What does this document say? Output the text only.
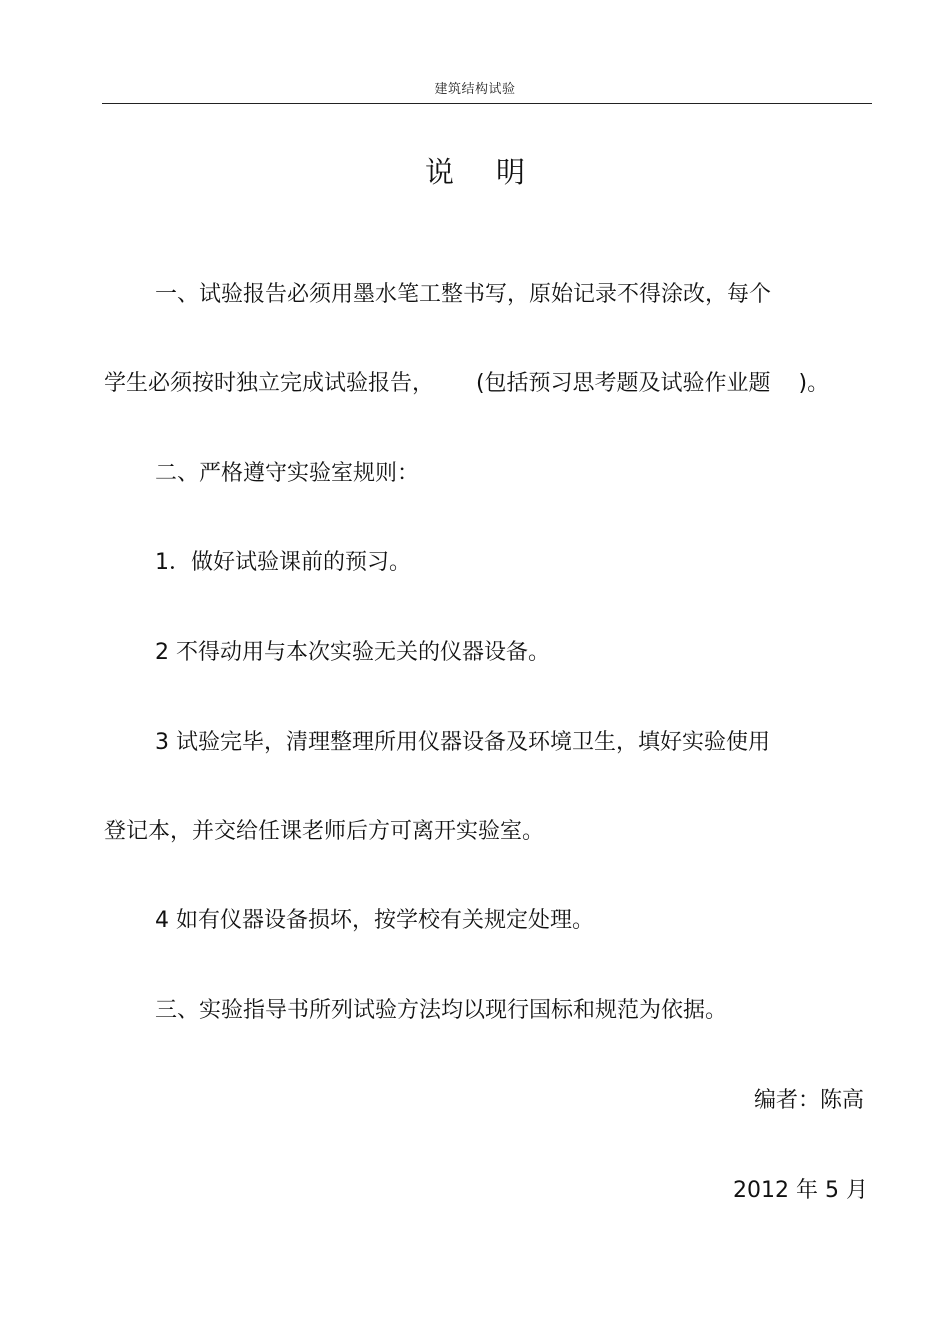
建筑结构试验
说明
一、试验报告必须用墨水笔工整书写，原始记录不得涂改，每个
学生必须按时独立完成试验报告，      (包括预习思考题及试验作业题    )。
二、严格遵守实验室规则：
1．做好试验课前的预习。
2 不得动用与本次实验无关的仪器设备。
3 试验完毕，清理整理所用仪器设备及环境卫生，填好实验使用
登记本，并交给任课老师后方可离开实验室。
4 如有仪器设备损坏，按学校有关规定处理。
三、实验指导书所列试验方法均以现行国标和规范为依据。
编者：陈高
2012 年 5 月
